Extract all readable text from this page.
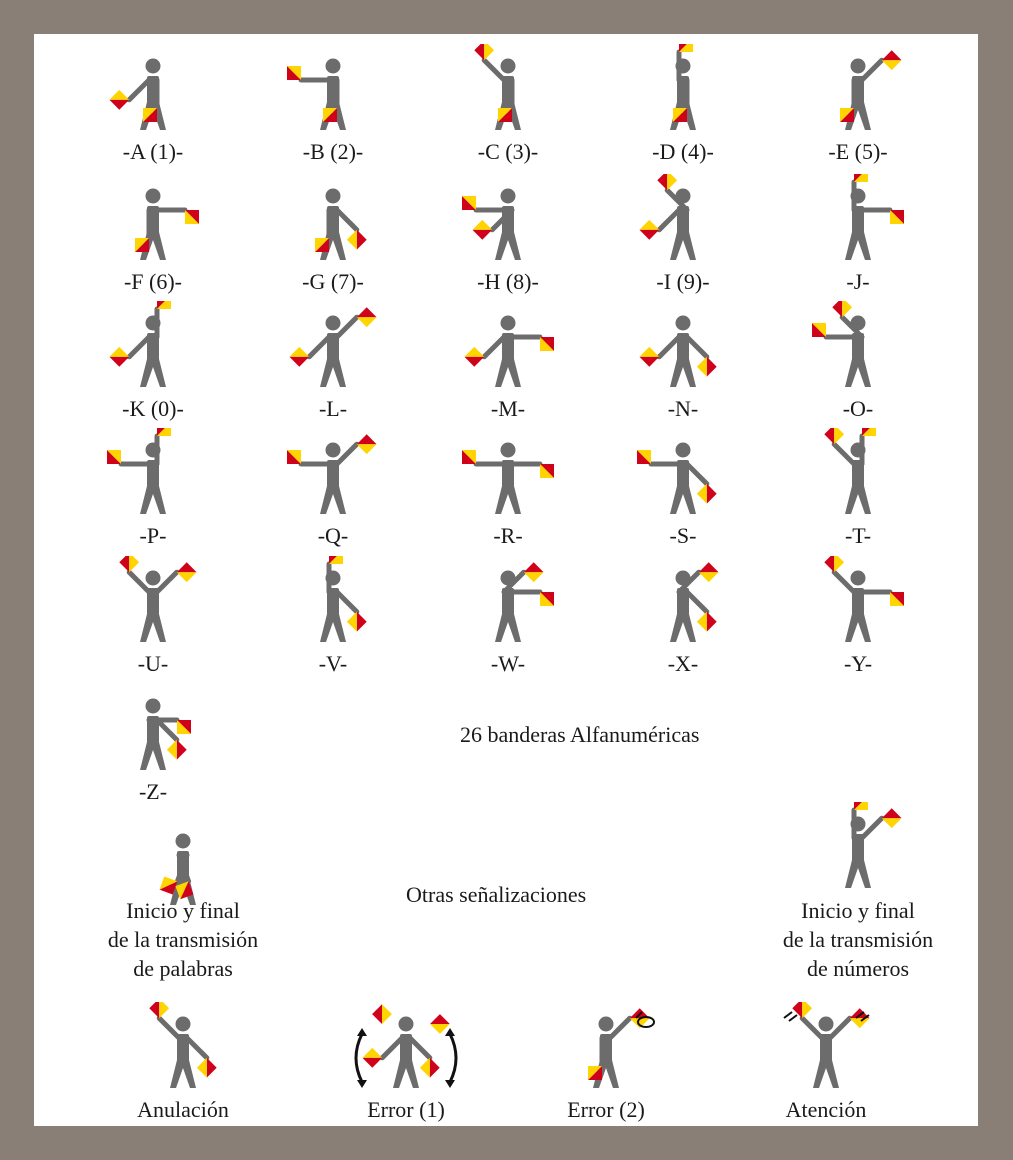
-A (1)-	-B (2)-	-C (3)-	-D (4)-	-E (5)-
-F (6)-	-G (7)-	-H (8)-	-I (9)-	-J-
-K (0)-	-L-	-M-	-N-	-O-
-P-	-Q-	-R-	-S-	-T-
-U-	-V-	-W-	-X-	-Y-
-Z-
26 banderas Alfanuméricas
Inicio y final
de la transmisión
de palabras
Otras señalizaciones
Inicio y final
de la transmisión
de números
Anulación	Error (1)	Error (2)	Atención
